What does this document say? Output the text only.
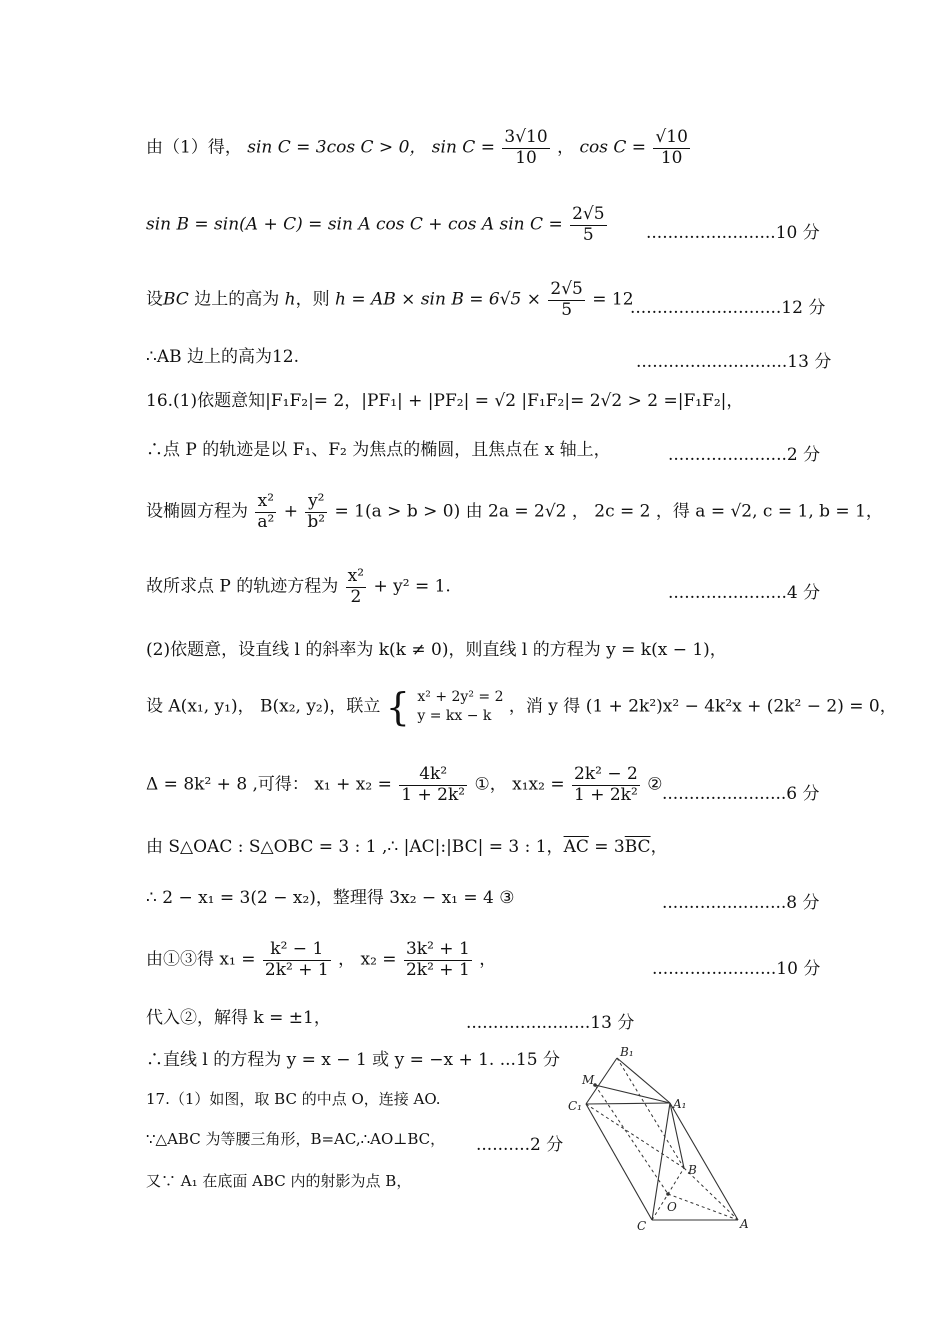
由（1）得， sin C = 3cos C > 0， $\sin C = \frac{3√10}{10}$ ， $\cos C = \frac{√10}{10}$
sin B = sin(A + C) = sin A cos C + cos A $\sin C = \frac{2√5}{5} ........................10$ 分
设BC 边上的高为 h，则 h = AB × $\sin B = 6√5 \times \frac{2√5}{5} = 12$
............................12 分
∴AB 边上的高为12.	............................13 分
16.(1)依题意知|F₁F₂|= 2，|PF₁| + |PF₂| = √2 |F₁F₂|= 2√2 > 2 =|F₁F₂|，
∴点 P 的轨迹是以 F₁、F₂ 为焦点的椭圆，且焦点在 x 轴上，	......................2 分
设椭圆方程为 $\frac{\text{x²}}{\text{a²}} + \frac{\text{y²}}{\text{b²}} = 1(a > b > 0)$ 由 2a = 2√2 ， 2c = 2 ，得 a = √2, c = 1, b = 1，
故所求点 P 的轨迹方程为 $\frac{\text{x²}}{2} + y^2 = 1$.	......................4 分
(2)依题意，设直线 l 的斜率为 k(k ≠ 0)，则直线 l 的方程为 y = k(x − 1)，
设 A(x₁, y₁)， B(x₂, y₂)，联立 { x² + 2y² = 2
y = kx − k	，消 y 得 (1 + 2k²)x² − 4k²x + (2k² − 2) = 0，
Δ = 8k² + 8 ,可得： $x_1 + x_2 = \frac{\text{4k²}}{\text{1 + 2k²}}$ ①， $x_1x_2 = \frac{\text{2k² − 2}}{\text{1 + 2k²}}$ ② .......................6 分
由 S△OAC : S△OBC = 3 : 1 ,∴ |AC|:|BC| = 3 : 1，$\overline{AC} = 3\overline{BC}$，
∴ 2 − x₁ = 3(2 − x₂)，整理得 3x₂ − x₁ = 4 ③	.......................8 分
由①③得 $x_1 = \frac{\text{k² − 1}}{\text{2k² + 1}}$ ， $x_2 = \frac{\text{3k² + 1}}{\text{2k² + 1}}$ ，	.......................10 分
代入②，解得 k = ±1，	.......................13 分
∴直线 l 的方程为 y = x − 1 或 y = −x + 1. ...15 分
17.（1）如图，取 BC 的中点 O，连接 AO.
∵△ABC 为等腰三角形，B=AC,∴AO⊥BC， ..........2 分
又∵ A₁ 在底面 ABC 内的射影为点 B，
B₁
M
C₁	A₁
B
O
C	A
